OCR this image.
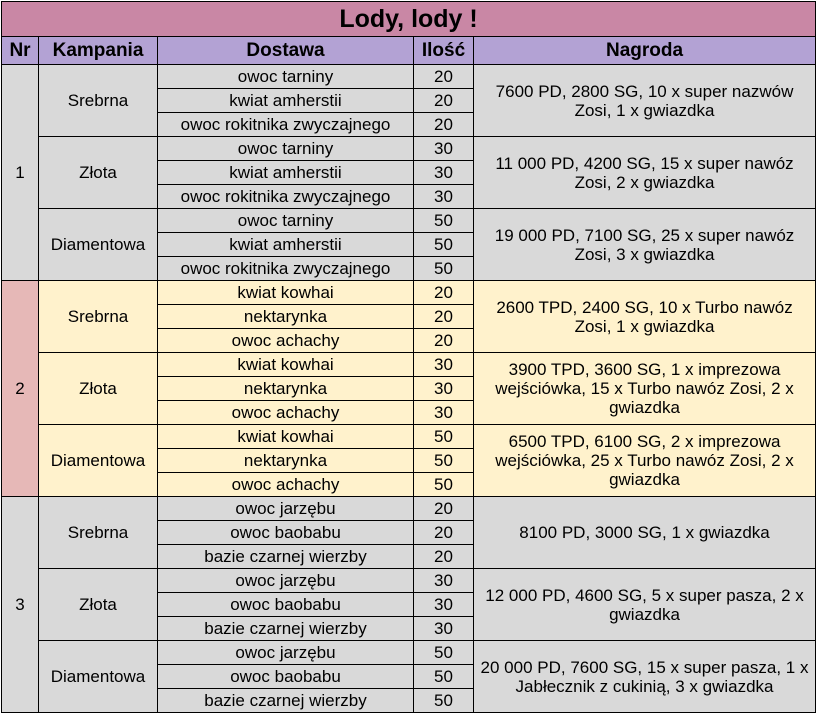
Lody, lody !				
Nr	Kampania	Dostawa	Ilość	Nagroda
1	Srebrna	owoc tarniny	20	7600 PD, 2800 SG, 10 x super nazwów Zosi, 1 x gwiazdka
		kwiat amherstii	20	
		owoc rokitnika zwyczajnego	20	
	Złota	owoc tarniny	30	11 000 PD, 4200 SG, 15 x super nawóz Zosi, 2 x gwiazdka
		kwiat amherstii	30	
		owoc rokitnika zwyczajnego	30	
	Diamentowa	owoc tarniny	50	19 000 PD, 7100 SG, 25 x super nawóz Zosi, 3 x gwiazdka
		kwiat amherstii	50	
		owoc rokitnika zwyczajnego	50	
2	Srebrna	kwiat kowhai	20	2600 TPD, 2400 SG, 10 x Turbo nawóz Zosi, 1 x gwiazdka
		nektarynka	20	
		owoc achachy	20	
	Złota	kwiat kowhai	30	3900 TPD, 3600 SG, 1 x imprezowa wejściówka, 15 x Turbo nawóz Zosi, 2 x gwiazdka
		nektarynka	30	
		owoc achachy	30	
	Diamentowa	kwiat kowhai	50	6500 TPD, 6100 SG, 2 x imprezowa wejściówka, 25 x Turbo nawóz Zosi, 2 x gwiazdka
		nektarynka	50	
		owoc achachy	50	
3	Srebrna	owoc jarzębu	20	8100 PD, 3000 SG, 1 x gwiazdka
		owoc baobabu	20	
		bazie czarnej wierzby	20	
	Złota	owoc jarzębu	30	12 000 PD, 4600 SG, 5 x super pasza, 2 x gwiazdka
		owoc baobabu	30	
		bazie czarnej wierzby	30	
	Diamentowa	owoc jarzębu	50	20 000 PD, 7600 SG, 15 x super pasza, 1 x Jabłecznik z cukinią, 3 x gwiazdka
		owoc baobabu	50	
		bazie czarnej wierzby	50	
